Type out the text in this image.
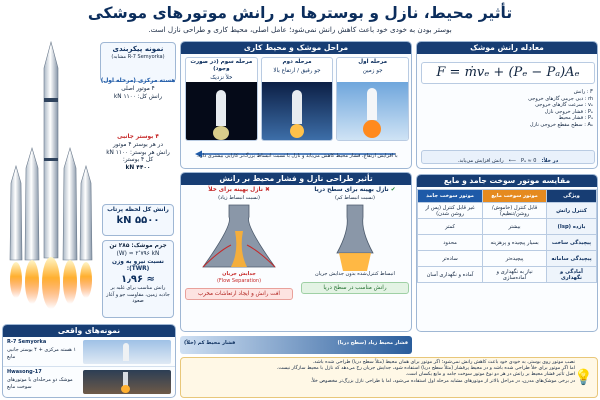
تأثیر محیط، نازل و بوسترها بر رانش موتورهای موشکی
بوستر بودن به خودی خود باعث کاهش رانش نمی‌شود؛ عامل اصلی، محیط کاری و طراحی نازل است.
نمونه پیکربندی
(مشابه R-7 Semyorka)
هسته مرکزی (مرحله اول)
۴ موتور اصلی
رانش کل: ۱۱۰۰ kN
۴ بوستر جانبی
در هر بوستر ۴ موتور
رانش هر بوستر: ۱۱۰۰ kN
کل ۴ بوستر:
۴۴۰۰ kN
رانش کل لحظه پرتاب
۵۵۰۰ kN
جرم موشک: ۲۸۵ تن
(W) ≈ ۲٬۷۹۶ kN
نسبت نیرو به وزن (TWR):
≈ ۱٫۹۶
رانش مناسب برای غلبه بر جاذبه زمین، مقاومت جو و آغاز صعود
نمونه‌های واقعی
R-7 Semyorka
۱ هسته مرکزی + ۴ بوستر جانبی مایع
Hwasong-17
موشک دو مرحله‌ای با موتورهای سوخت مایع
مراحل موشک و محیط کاری
مرحله سوم (در صورت وجود)
خلأ نزدیک
مرحله دوم
جو رقیق / ارتفاع بالا
مرحله اول
جو زمین
با افزایش ارتفاع، فشار محیط کاهش می‌یابد و نازل با نسبت انبساط بزرگ‌تر کارایی بیشتری دارد.
تأثیر طراحی نازل و فشار محیط بر رانش
✖ نازل بهینه برای خلأ
(نسبت انبساط زیاد)
جدایش جریان
(Flow Separation)
افت رانش و ایجاد ارتعاشات مخرب
✔ نازل بهینه برای سطح دریا
(نسبت انبساط کم)
انبساط کنترل‌شده بدون جدایش جریان
رانش مناسب در سطح دریا
فشار محیط کم (خلأ)	فشار محیط زیاد (سطح دریا)
معادله رانش موشک
F = ṁvₑ + (Pₑ − Pₐ)Aₑ
F : رانش
ṁ : دبی جرمی گازهای خروجی
vₑ : سرعت گازهای خروجی
Pₑ : فشار خروجی نازل
Pₐ : فشار محیط
Aₑ : سطح مقطع خروجی نازل
در خلأ: Pₐ ≈ 0 ⟵ رانش افزایش می‌یابد.
مقایسه موتور سوخت جامد و مایع
ویژگی	موتور سوخت مایع	موتور سوخت جامد
کنترل رانش	قابل کنترل (خاموش/روشن/تنظیم)	غیر قابل کنترل (پس از روشن شدن)
بازده (Isp)	بیشتر	کمتر
پیچیدگی ساخت	بسیار پیچیده و پرهزینه	محدود
پیچیدگی سامانه	پیچیده‌تر	ساده‌تر
آمادگی و نگهداری	نیاز به نگهداری و آماده‌سازی	آماده و نگهداری آسان
💡
نصب موتور روی بوستر، به خودی خود باعث کاهش رانش نمی‌شود؛ اگر موتور برای همان محیط (مثلاً سطح دریا) طراحی شده باشد.
اما اگر موتور برای خلأ طراحی شده باشد و در محیط پرفشار (مثلاً سطح دریا) استفاده شود، جدایش جریان رخ می‌دهد که نازل با محیط سازگار نیست.
اصل تأثیر فشار محیط بر رانش در هر دو نوع موتور سوخت جامد و مایع یکسان است.
در برخی موشک‌های مدرن، در مراحل بالاتر از موتورهای مشابه مرحله اول استفاده می‌شود، اما با طراحی نازل بزرگ‌تر مخصوص خلأ.
